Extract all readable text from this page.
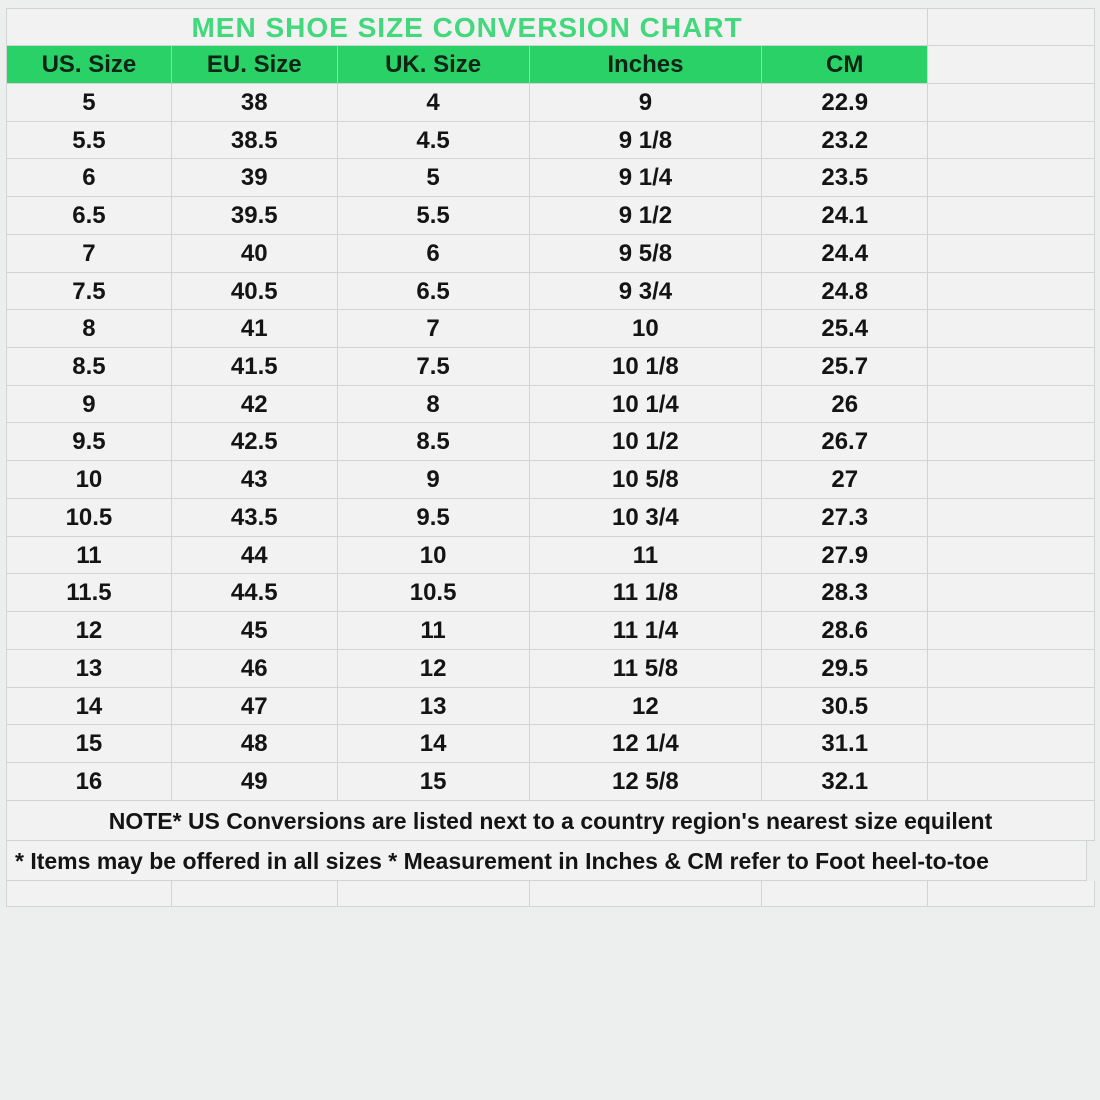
MEN SHOE SIZE CONVERSION CHART
US. Size	EU. Size	UK. Size	Inches	CM
5	38	4	9	22.9
5.5	38.5	4.5	9 1/8	23.2
6	39	5	9 1/4	23.5
6.5	39.5	5.5	9 1/2	24.1
7	40	6	9 5/8	24.4
7.5	40.5	6.5	9 3/4	24.8
8	41	7	10	25.4
8.5	41.5	7.5	10 1/8	25.7
9	42	8	10 1/4	26
9.5	42.5	8.5	10 1/2	26.7
10	43	9	10 5/8	27
10.5	43.5	9.5	10 3/4	27.3
11	44	10	11	27.9
11.5	44.5	10.5	11 1/8	28.3
12	45	11	11 1/4	28.6
13	46	12	11 5/8	29.5
14	47	13	12	30.5
15	48	14	12 1/4	31.1
16	49	15	12 5/8	32.1
NOTE* US Conversions are listed next to a country region's nearest size equilent
* Items may be offered in all sizes * Measurement in Inches & CM refer to Foot heel-to-toe
